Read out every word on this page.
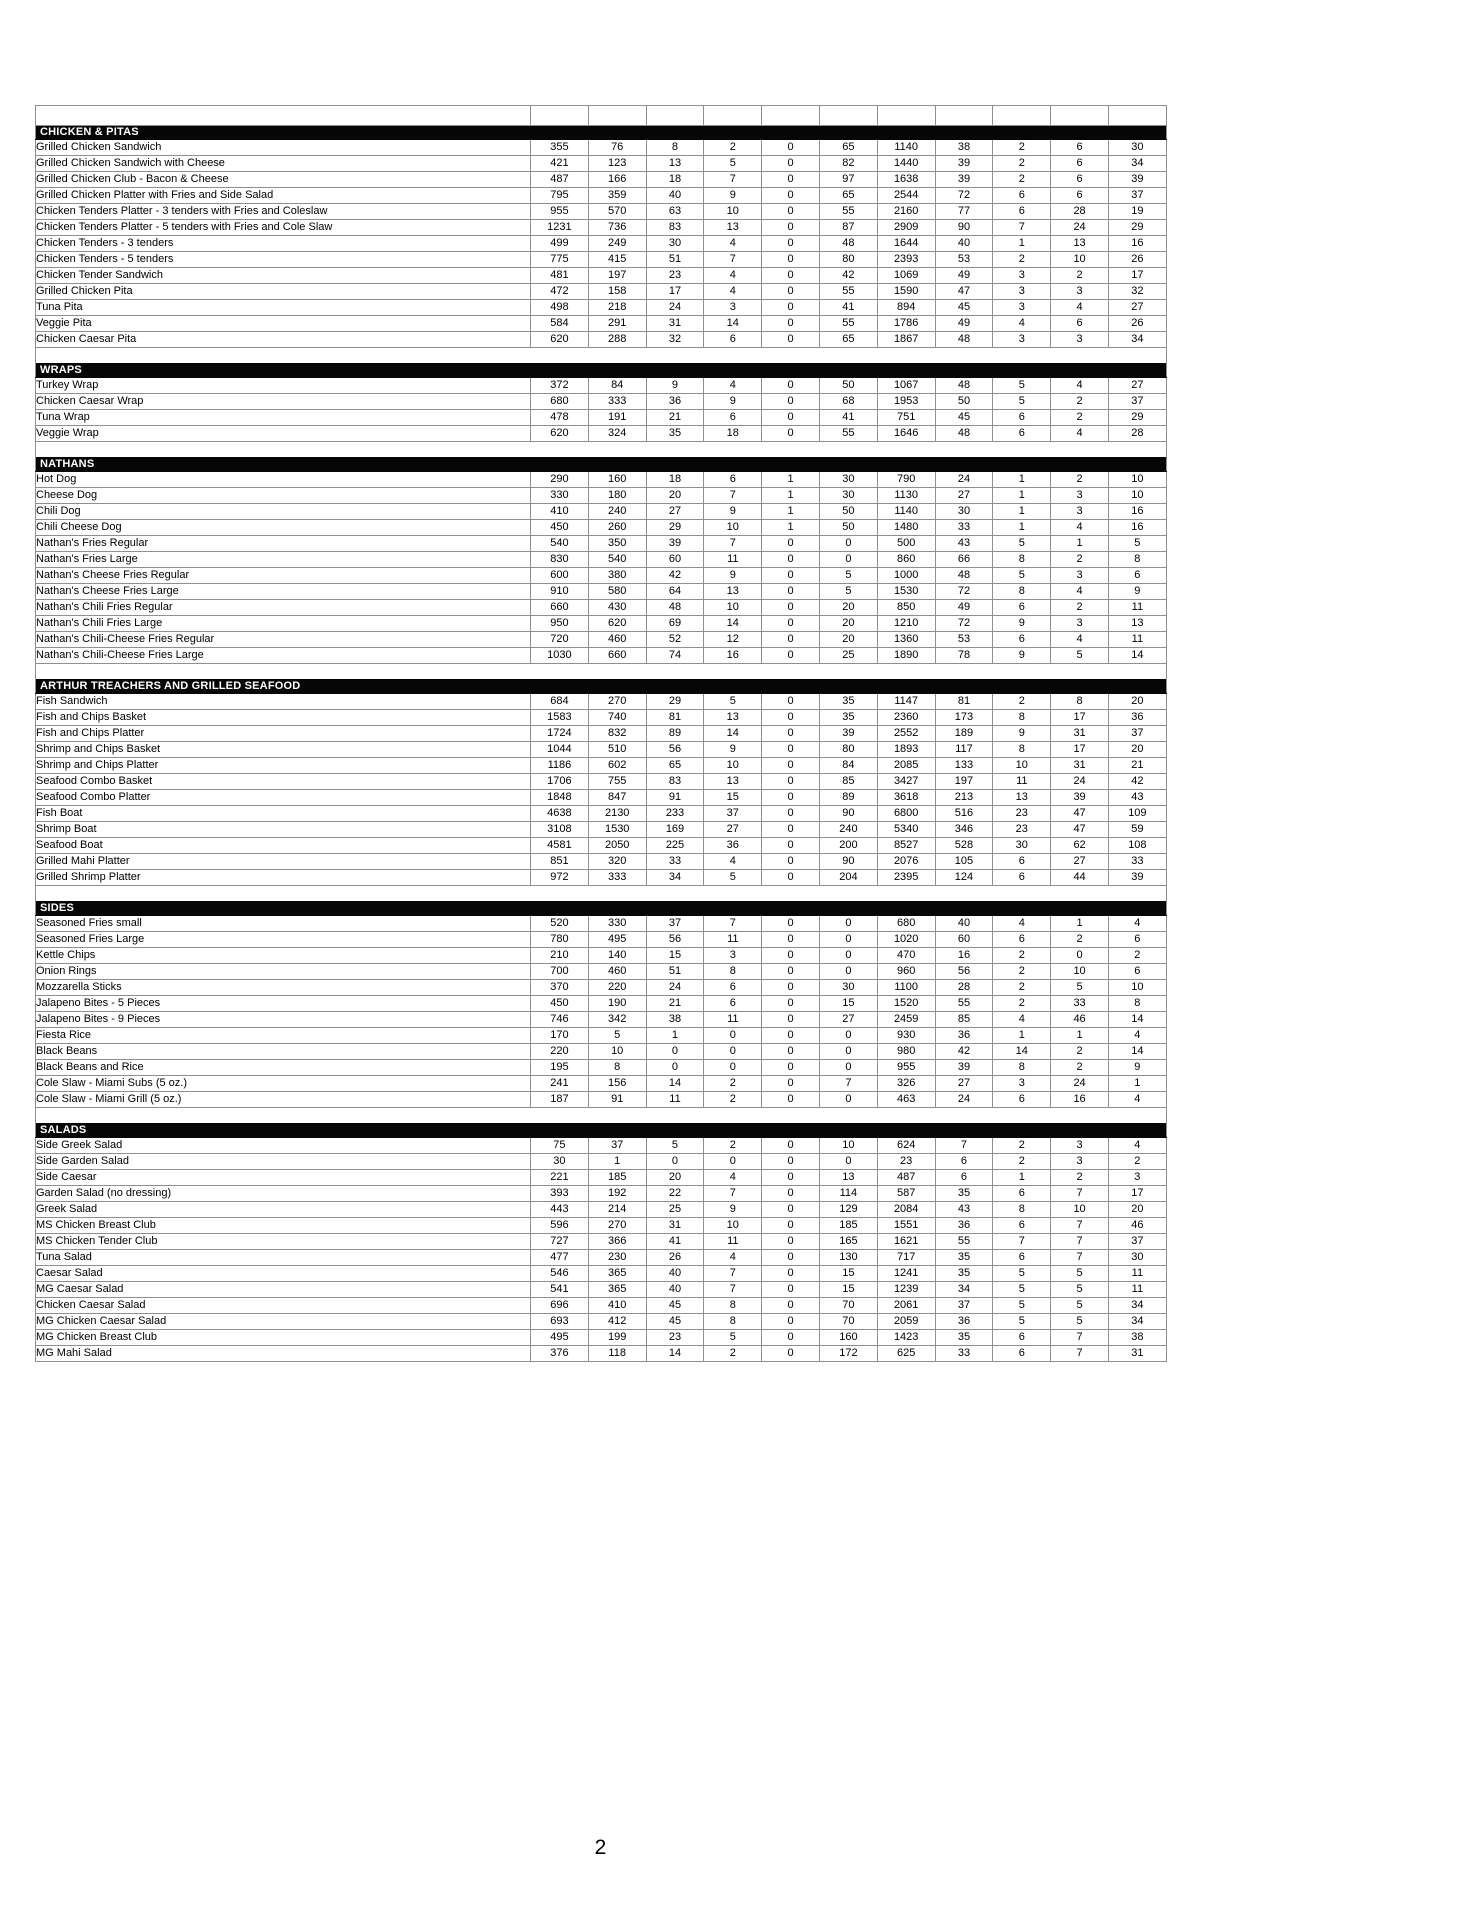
CHICKEN & PITAS											
Grilled Chicken Sandwich	355	76	8	2	0	65	1140	38	2	6	30
Grilled Chicken Sandwich with Cheese	421	123	13	5	0	82	1440	39	2	6	34
Grilled Chicken Club - Bacon & Cheese	487	166	18	7	0	97	1638	39	2	6	39
Grilled Chicken Platter with Fries and Side Salad	795	359	40	9	0	65	2544	72	6	6	37
Chicken Tenders Platter - 3 tenders with Fries and Coleslaw	955	570	63	10	0	55	2160	77	6	28	19
Chicken Tenders Platter - 5 tenders with Fries and Cole Slaw	1231	736	83	13	0	87	2909	90	7	24	29
Chicken Tenders - 3 tenders	499	249	30	4	0	48	1644	40	1	13	16
Chicken Tenders - 5 tenders	775	415	51	7	0	80	2393	53	2	10	26
Chicken Tender Sandwich	481	197	23	4	0	42	1069	49	3	2	17
Grilled Chicken Pita	472	158	17	4	0	55	1590	47	3	3	32
Tuna Pita	498	218	24	3	0	41	894	45	3	4	27
Veggie Pita	584	291	31	14	0	55	1786	49	4	6	26
Chicken Caesar Pita	620	288	32	6	0	65	1867	48	3	3	34

WRAPS											
Turkey Wrap	372	84	9	4	0	50	1067	48	5	4	27
Chicken Caesar Wrap	680	333	36	9	0	68	1953	50	5	2	37
Tuna Wrap	478	191	21	6	0	41	751	45	6	2	29
Veggie Wrap	620	324	35	18	0	55	1646	48	6	4	28

NATHANS											
Hot Dog	290	160	18	6	1	30	790	24	1	2	10
Cheese Dog	330	180	20	7	1	30	1130	27	1	3	10
Chili Dog	410	240	27	9	1	50	1140	30	1	3	16
Chili Cheese Dog	450	260	29	10	1	50	1480	33	1	4	16
Nathan's Fries Regular	540	350	39	7	0	0	500	43	5	1	5
Nathan's Fries Large	830	540	60	11	0	0	860	66	8	2	8
Nathan's Cheese Fries Regular	600	380	42	9	0	5	1000	48	5	3	6
Nathan's Cheese Fries Large	910	580	64	13	0	5	1530	72	8	4	9
Nathan's Chili Fries Regular	660	430	48	10	0	20	850	49	6	2	11
Nathan's Chili Fries Large	950	620	69	14	0	20	1210	72	9	3	13
Nathan's Chili-Cheese Fries Regular	720	460	52	12	0	20	1360	53	6	4	11
Nathan's Chili-Cheese Fries Large	1030	660	74	16	0	25	1890	78	9	5	14

ARTHUR TREACHERS AND GRILLED SEAFOOD											
Fish Sandwich	684	270	29	5	0	35	1147	81	2	8	20
Fish and Chips Basket	1583	740	81	13	0	35	2360	173	8	17	36
Fish and Chips Platter	1724	832	89	14	0	39	2552	189	9	31	37
Shrimp and Chips Basket	1044	510	56	9	0	80	1893	117	8	17	20
Shrimp and Chips Platter	1186	602	65	10	0	84	2085	133	10	31	21
Seafood Combo Basket	1706	755	83	13	0	85	3427	197	11	24	42
Seafood Combo Platter	1848	847	91	15	0	89	3618	213	13	39	43
Fish Boat	4638	2130	233	37	0	90	6800	516	23	47	109
Shrimp Boat	3108	1530	169	27	0	240	5340	346	23	47	59
Seafood Boat	4581	2050	225	36	0	200	8527	528	30	62	108
Grilled Mahi Platter	851	320	33	4	0	90	2076	105	6	27	33
Grilled Shrimp Platter	972	333	34	5	0	204	2395	124	6	44	39

SIDES											
Seasoned Fries small	520	330	37	7	0	0	680	40	4	1	4
Seasoned Fries Large	780	495	56	11	0	0	1020	60	6	2	6
Kettle Chips	210	140	15	3	0	0	470	16	2	0	2
Onion Rings	700	460	51	8	0	0	960	56	2	10	6
Mozzarella Sticks	370	220	24	6	0	30	1100	28	2	5	10
Jalapeno Bites - 5 Pieces	450	190	21	6	0	15	1520	55	2	33	8
Jalapeno Bites - 9 Pieces	746	342	38	11	0	27	2459	85	4	46	14
Fiesta Rice	170	5	1	0	0	0	930	36	1	1	4
Black Beans	220	10	0	0	0	0	980	42	14	2	14
Black Beans and Rice	195	8	0	0	0	0	955	39	8	2	9
Cole Slaw - Miami Subs (5 oz.)	241	156	14	2	0	7	326	27	3	24	1
Cole Slaw - Miami Grill (5 oz.)	187	91	11	2	0	0	463	24	6	16	4

SALADS											
Side Greek Salad	75	37	5	2	0	10	624	7	2	3	4
Side Garden Salad	30	1	0	0	0	0	23	6	2	3	2
Side Caesar	221	185	20	4	0	13	487	6	1	2	3
Garden Salad (no dressing)	393	192	22	7	0	114	587	35	6	7	17
Greek Salad	443	214	25	9	0	129	2084	43	8	10	20
MS Chicken Breast Club	596	270	31	10	0	185	1551	36	6	7	46
MS Chicken Tender Club	727	366	41	11	0	165	1621	55	7	7	37
Tuna Salad	477	230	26	4	0	130	717	35	6	7	30
Caesar Salad	546	365	40	7	0	15	1241	35	5	5	11
MG Caesar Salad	541	365	40	7	0	15	1239	34	5	5	11
Chicken Caesar Salad	696	410	45	8	0	70	2061	37	5	5	34
MG Chicken Caesar Salad	693	412	45	8	0	70	2059	36	5	5	34
MG Chicken Breast Club	495	199	23	5	0	160	1423	35	6	7	38
MG Mahi Salad	376	118	14	2	0	172	625	33	6	7	31
2
